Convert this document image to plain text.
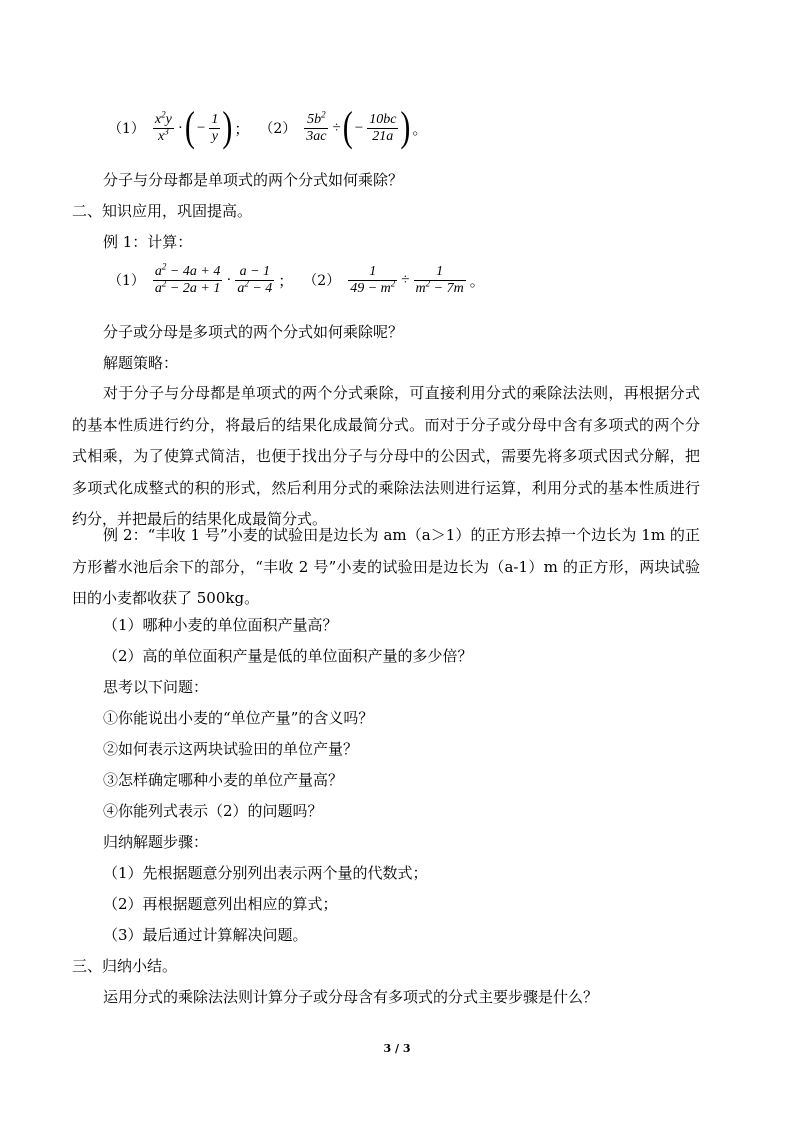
$(1) \frac{x^2y}{x^3}$ · ( − $\frac{1}{y}$ ) ； $(2) \frac{5b^2}{3ac}$ ÷ ( − $\frac{10bc}{21a}$ ) 。
分子与分母都是单项式的两个分式如何乘除？
二、知识应用，巩固提高。
例 1：计算：
$(1) \frac{a^2 - 4a + 4}{a^2 - 2a + 1} \cdot \frac{a - 1}{a^2 - 4}$ ； $(2) \frac{1}{49 - m^2} \div \frac{1}{m^2 - 7m}$ 。
分子或分母是多项式的两个分式如何乘除呢？
解题策略：
对于分子与分母都是单项式的两个分式乘除，可直接利用分式的乘除法法则，再根据分式的基本性质进行约分，将最后的结果化成最简分式。而对于分子或分母中含有多项式的两个分式相乘，为了使算式简洁，也便于找出分子与分母中的公因式，需要先将多项式因式分解，把多项式化成整式的积的形式，然后利用分式的乘除法法则进行运算，利用分式的基本性质进行约分，并把最后的结果化成最简分式。
例 2：“丰收 1 号”小麦的试验田是边长为 am（a＞1）的正方形去掉一个边长为 1m 的正方形蓄水池后余下的部分，“丰收 2 号”小麦的试验田是边长为（a-1）m 的正方形，两块试验田的小麦都收获了 500kg。
（1）哪种小麦的单位面积产量高？
（2）高的单位面积产量是低的单位面积产量的多少倍？
思考以下问题：
①你能说出小麦的“单位产量”的含义吗？
②如何表示这两块试验田的单位产量？
③怎样确定哪种小麦的单位产量高？
④你能列式表示（2）的问题吗？
归纳解题步骤：
（1）先根据题意分别列出表示两个量的代数式；
（2）再根据题意列出相应的算式；
（3）最后通过计算解决问题。
三、归纳小结。
运用分式的乘除法法则计算分子或分母含有多项式的分式主要步骤是什么？
3 / 3
